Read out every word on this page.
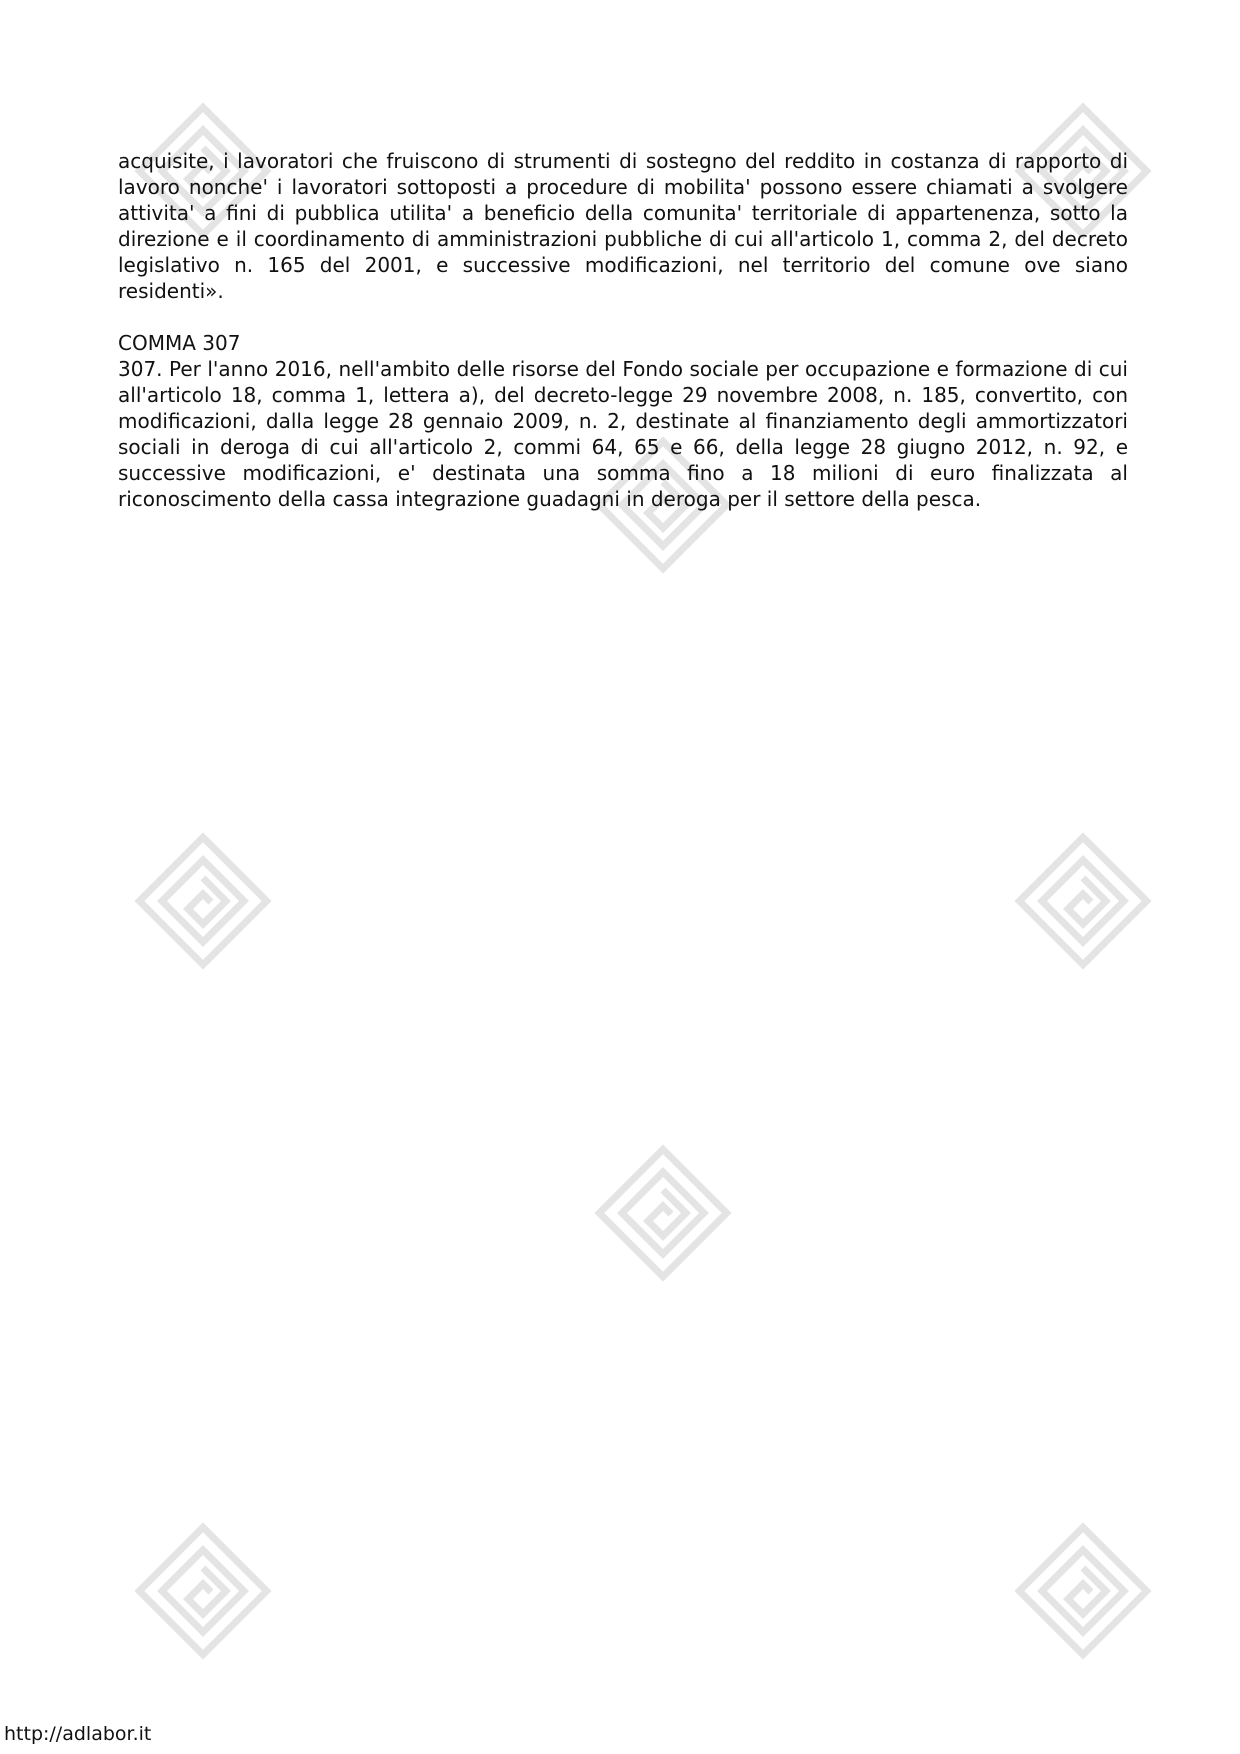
acquisite, i lavoratori che fruiscono di strumenti di sostegno del reddito in costanza di rapporto di lavoro nonche' i lavoratori sottoposti a procedure di mobilita' possono essere chiamati a svolgere attivita' a fini di pubblica utilita' a beneficio della comunita' territoriale di appartenenza, sotto la direzione e il coordinamento di amministrazioni pubbliche di cui all'articolo 1, comma 2, del decreto legislativo n. 165 del 2001, e successive modificazioni, nel territorio del comune ove siano residenti».

COMMA 307

307. Per l'anno 2016, nell'ambito delle risorse del Fondo sociale per occupazione e formazione di cui all'articolo 18, comma 1, lettera a), del decreto-legge 29 novembre 2008, n. 185, convertito, con modificazioni, dalla legge 28 gennaio 2009, n. 2, destinate al finanziamento degli ammortizzatori sociali in deroga di cui all'articolo 2, commi 64, 65 e 66, della legge 28 giugno 2012, n. 92, e successive modificazioni, e' destinata una somma fino a 18 milioni di euro finalizzata al riconoscimento della cassa integrazione guadagni in deroga per il settore della pesca.

http://adlabor.it
